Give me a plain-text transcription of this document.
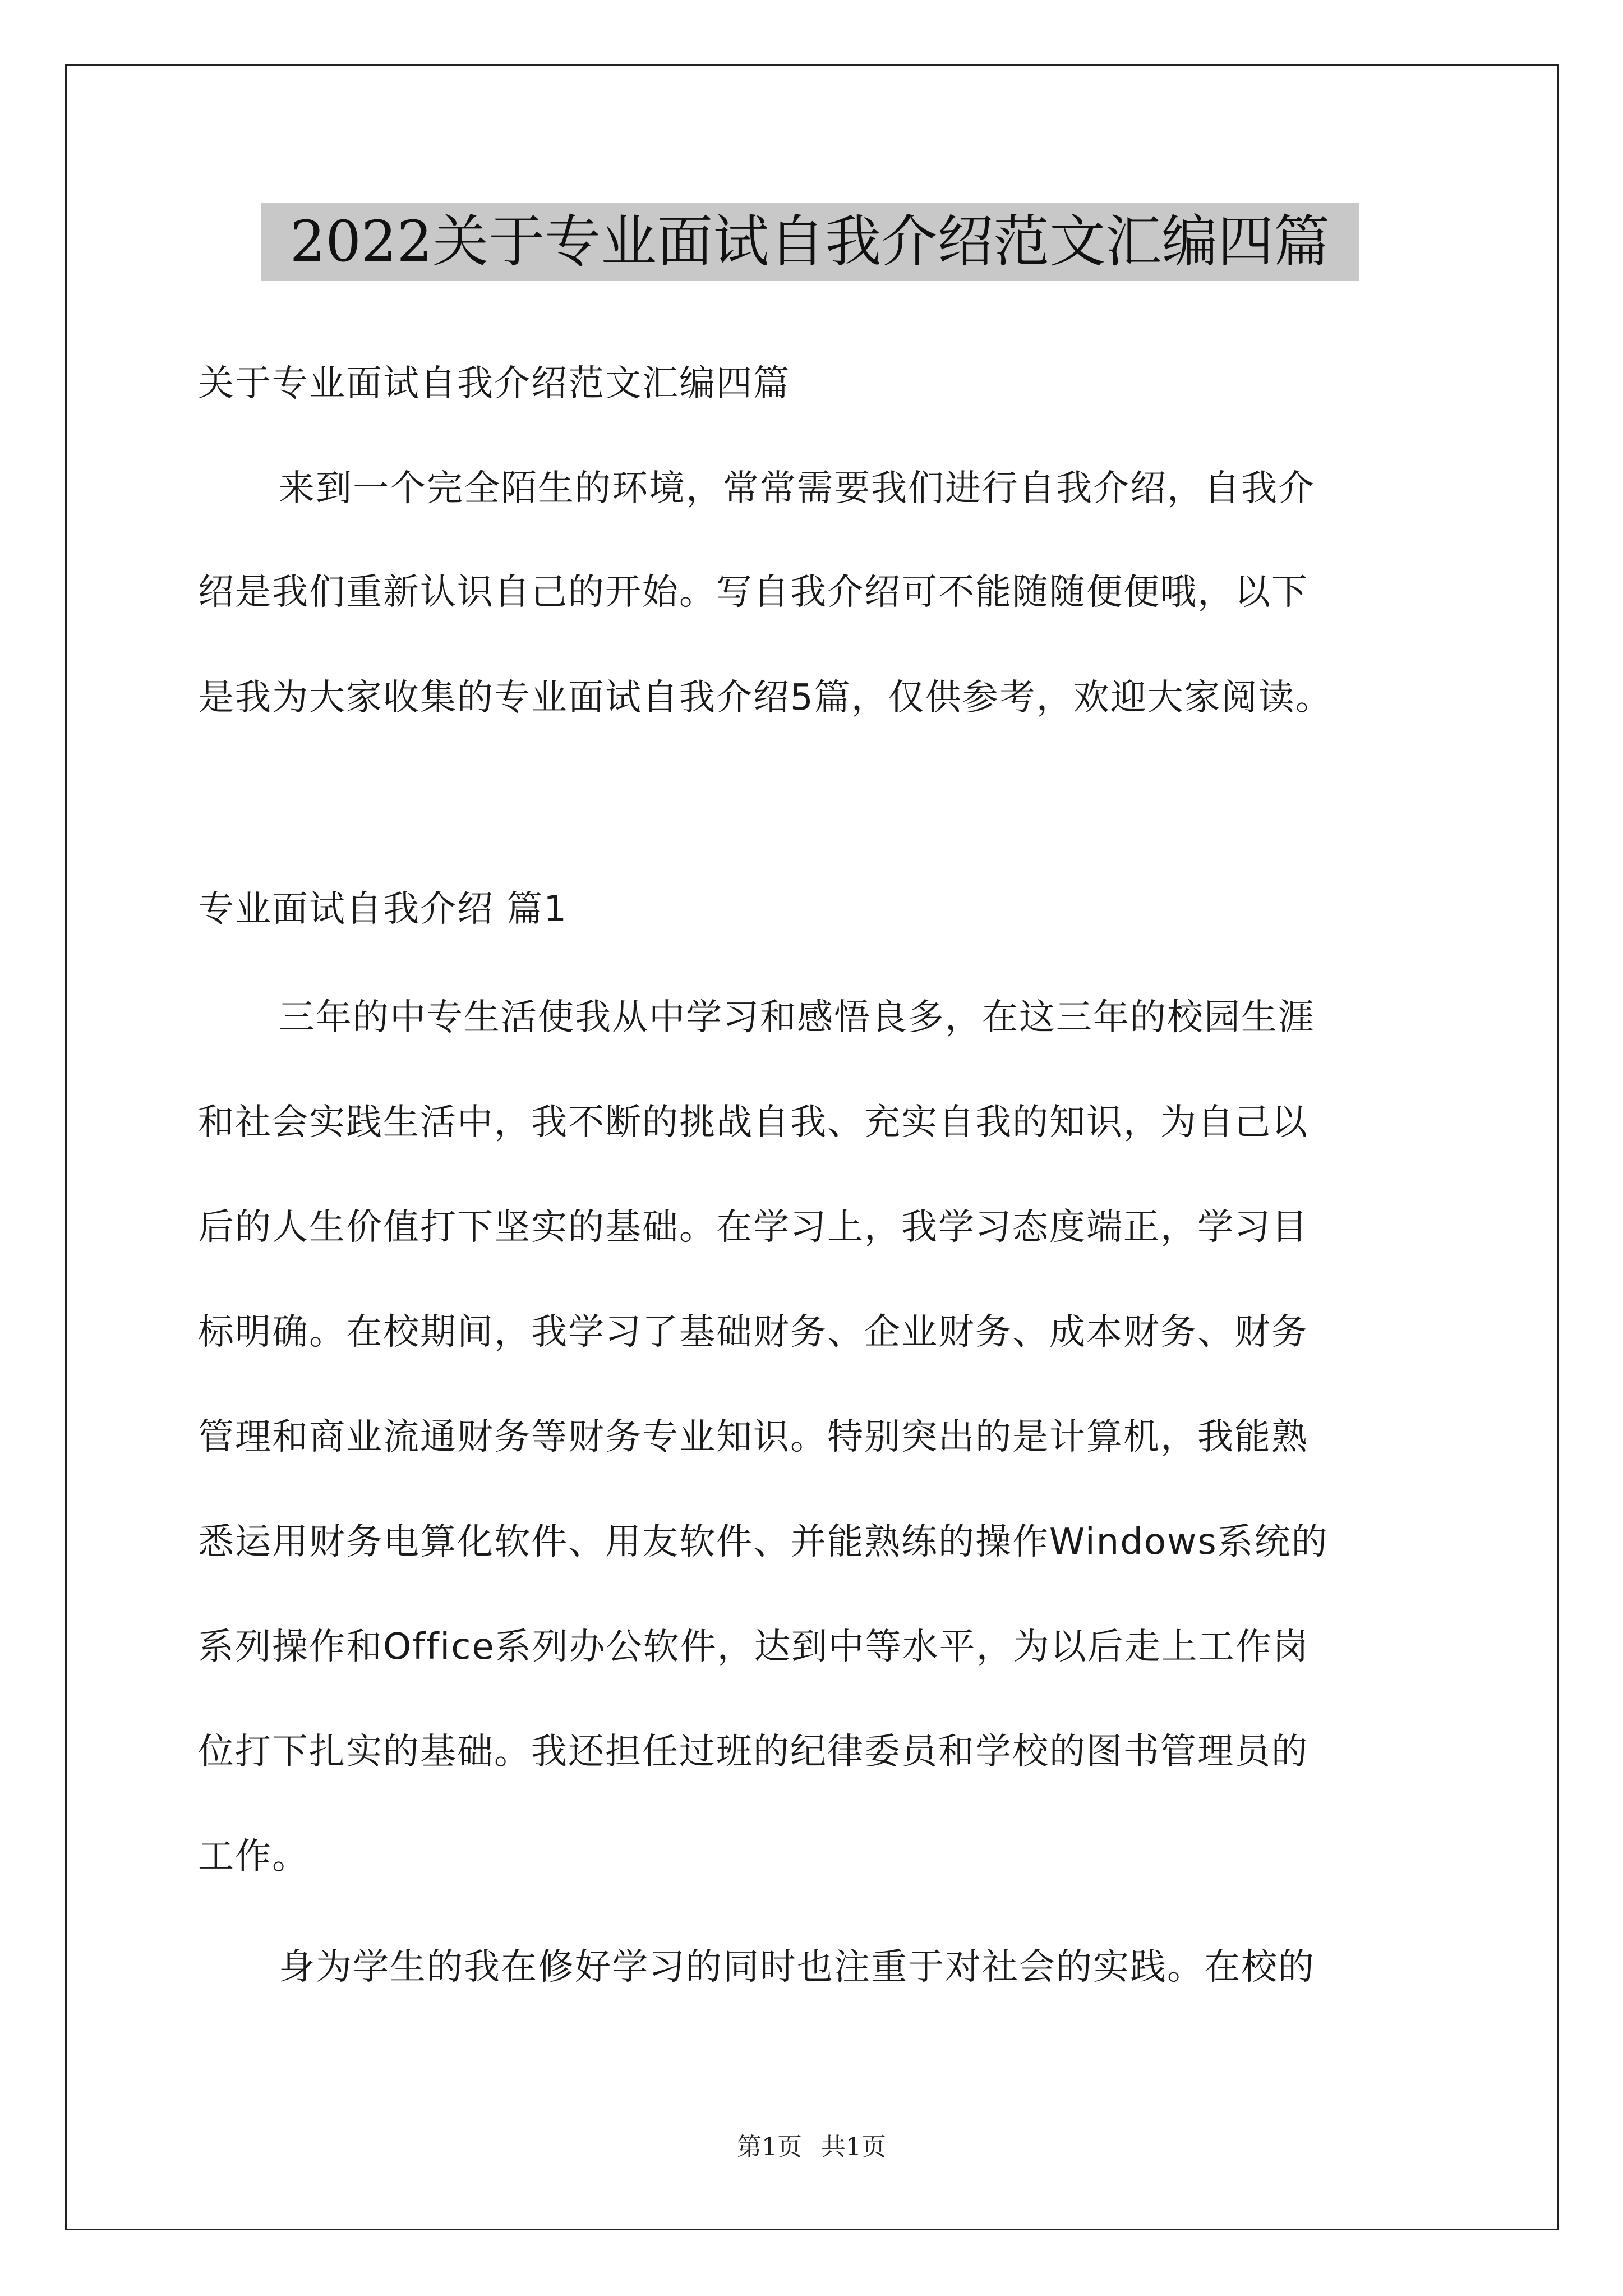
2022关于专业面试自我介绍范文汇编四篇
关于专业面试自我介绍范文汇编四篇
来到一个完全陌生的环境，常常需要我们进行自我介绍，自我介
绍是我们重新认识自己的开始。写自我介绍可不能随随便便哦，以下
是我为大家收集的专业面试自我介绍5篇，仅供参考，欢迎大家阅读。
专业面试自我介绍 篇1
三年的中专生活使我从中学习和感悟良多，在这三年的校园生涯
和社会实践生活中，我不断的挑战自我、充实自我的知识，为自己以
后的人生价值打下坚实的基础。在学习上，我学习态度端正，学习目
标明确。在校期间，我学习了基础财务、企业财务、成本财务、财务
管理和商业流通财务等财务专业知识。特别突出的是计算机，我能熟
悉运用财务电算化软件、用友软件、并能熟练的操作Windows系统的
系列操作和Office系列办公软件，达到中等水平，为以后走上工作岗
位打下扎实的基础。我还担任过班的纪律委员和学校的图书管理员的
工作。
身为学生的我在修好学习的同时也注重于对社会的实践。在校的
第1页 共1页
